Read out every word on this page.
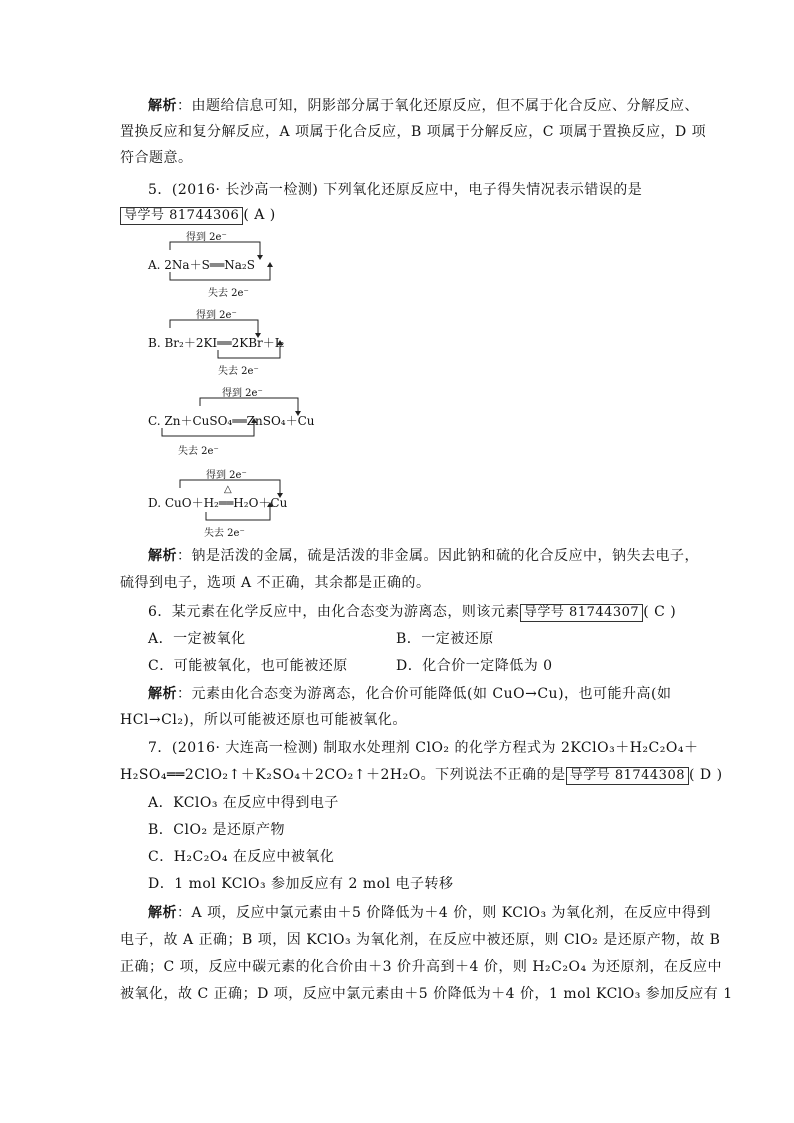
解析：由题给信息可知，阴影部分属于氧化还原反应，但不属于化合反应、分解反应、
置换反应和复分解反应，A 项属于化合反应，B 项属于分解反应，C 项属于置换反应，D 项
符合题意。
5．(2016· 长沙高一检测) 下列氧化还原反应中，电子得失情况表示错误的是
导学号 81744306 ( A )
得到 2e⁻
A. 2Na＋S══Na₂S
失去 2e⁻
得到 2e⁻
B. Br₂＋2KI══2KBr＋I₂
失去 2e⁻
得到 2e⁻
C. Zn＋CuSO₄══ZnSO₄＋Cu
失去 2e⁻
得到 2e⁻
△
D. CuO＋H₂══H₂O＋Cu
失去 2e⁻
解析：钠是活泼的金属，硫是活泼的非金属。因此钠和硫的化合反应中，钠失去电子，
硫得到电子，选项 A 不正确，其余都是正确的。
6．某元素在化学反应中，由化合态变为游离态，则该元素 导学号 81744307 ( C )
A．一定被氧化	B．一定被还原
C．可能被氧化，也可能被还原	D．化合价一定降低为 0
解析：元素由化合态变为游离态，化合价可能降低(如 CuO→Cu)，也可能升高(如
HCl→Cl₂)，所以可能被还原也可能被氧化。
7．(2016· 大连高一检测) 制取水处理剂 ClO₂ 的化学方程式为 2KClO₃＋H₂C₂O₄＋
H₂SO₄══2ClO₂↑＋K₂SO₄＋2CO₂↑＋2H₂O。下列说法不正确的是 导学号 81744308 ( D )
A．KClO₃ 在反应中得到电子
B．ClO₂ 是还原产物
C．H₂C₂O₄ 在反应中被氧化
D．1 mol KClO₃ 参加反应有 2 mol 电子转移
解析：A 项，反应中氯元素由＋5 价降低为＋4 价，则 KClO₃ 为氧化剂，在反应中得到
电子，故 A 正确；B 项，因 KClO₃ 为氧化剂，在反应中被还原，则 ClO₂ 是还原产物，故 B
正确；C 项，反应中碳元素的化合价由＋3 价升高到＋4 价，则 H₂C₂O₄ 为还原剂，在反应中
被氧化，故 C 正确；D 项，反应中氯元素由＋5 价降低为＋4 价，1 mol KClO₃ 参加反应有 1
